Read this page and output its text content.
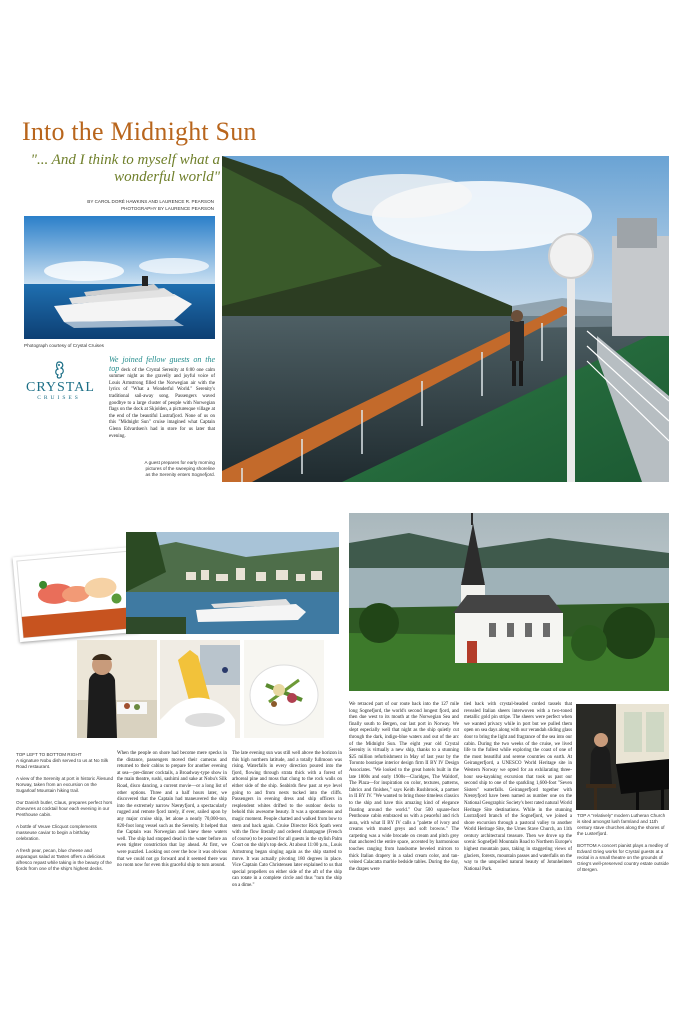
Into the Midnight Sun
"... And I think to myself what a wonderful world"
BY CAROL DORÉ HAWKINS AND LAURENCE R. PEARSON
PHOTOGRAPHY BY LAURENCE PEARSON
Photograph courtesy of Crystal Cruises
CRYSTAL
CRUISES

We joined fellow guests on the top deck of the Crystal Serenity at 6:00 one calm summer night as the gravelly and joyful voice of Louis Armstrong filled the Norwegian air with the lyrics of "What a Wonderful World." Serenity's traditional sail-away song. Passengers waved goodbye to a large cluster of people with Norwegian flags on the dock at Skjolden, a picturesque village at the end of the beautiful Lustrafjord. None of us on this "Midnight Sun" cruise imagined what Captain Glenn Edvardsen's had in store for us later that evening.

A guest prepares for early morning pictures of the sweeping shoreline as the Serenity enters Sognefjord.
TOP LEFT TO BOTTOM RIGHT
A signature Nobu dish served to us at No Silk Road restaurant.
A view of the Serenity at port in historic Ålesund Norway, taken from an excursion on the Sugarloaf Mountain hiking trail.
Our Danish butler, Claus, prepares perfect hors d'oeuvres at cocktail hour each evening in our Penthouse cabin.
A bottle of Veuve Clicquot complements masseuse caviar to begin a birthday celebration.
A fresh pear, pecan, blue cheese and asparagus salad at Tastes offers a delicious alfresco repast while taking in the beauty of the fjords from one of the ship's highest decks.
When the people on shore had become mere specks in the distance, passengers moved their cameras and returned to their cabins to prepare for another evening at sea—pre-dinner cocktails, a Broadway-type show in the main theatre, sushi, sashimi and sake at Nobu's Silk Road, disco dancing, a current movie—or a long list of other options. Three and a half hours later, we discovered that the Captain had maneuvered the ship into the extremely narrow Nærøyfjord, a spectacularly rugged and remote fjord rarely, if ever, sailed upon by any major cruise ship, let alone a nearly 70,000-ton, 820-foot long vessel such as the Serenity. It helped that the Captain was Norwegian and knew these waters well. The ship had stopped dead in the water before an even tighter constriction that lay ahead. At first, we were puzzled. Looking out over the bow it was obvious that we could not go forward and it seemed there was no room now for even this graceful ship to turn around.
The late evening sun was still well above the horizon in this high northern latitude, and a totally fullmoon was rising. Waterfalls in every direction poured into the fjord, flowing through strata thick with a forest of arboreal pine and moss that clung to the rock walls on either side of the ship. Seabirds flew past at eye level going to and from nests tucked into the cliffs. Passengers in evening dress and ship officers in resplendent whites drifted to the outdoor decks to behold this awesome beauty. It was a spontaneous and magic moment. People chatted and walked from bow to stern and back again. Cruise Director Rick Spath went with the flow literally and ordered champagne (French of course) to be poured for all guests in the stylish Palm Court on the ship's top deck. At about 11:00 p.m., Louis Armstrong began singing again as the ship started to move. It was actually pivoting 180 degrees in place. Vice Captain Cato Christensen later explained to us that special propellers on either side of the aft of the ship can rotate in a complete circle and thus "turn the ship on a dime."
We retraced part of our route back into the 127 mile long Sognefjord, the world's second longest fjord, and then due west to its mouth at the Norwegian Sea and finally south to Bergen, our last port in Norway. We slept especially well that night as the ship quietly cut through the dark, indigo-blue waters and out of the arc of the Midnight Sun. The eight year old Crystal Serenity is virtually a new ship, thanks to a stunning $25 million refurbishment in May of last year by the Toronto boutique interior design firm II BY IV Design Associates. "We looked to the great hotels built in the late 1800s and early 1900s—Claridges, The Waldorf, The Plaza—for inspiration on color, textures, patterns, fabrics and finishes," says Keith Rushbrook, a partner in II BY IV. "We wanted to bring those timeless classics to the ship and have this amazing kind of elegance floating around the world." Our 500 square-foot Penthouse cabin embraced us with a peaceful and rich aura, with what II BY IV calls a "palette of ivory and creams with muted greys and soft browns." The carpeting was a wide brocade on cream and pitch grey that anchored the entire space, accented by harmonious touches ranging from handsome beveled mirrors to thick Italian drapery in a salad cream color, and tan-veined Calacatta marble bedside tables. During the day, the drapes were
tied back with crystal-beaded corded tassels that revealed Italian sheers interwoven with a two-toned metallic gold pin stripe. The sheers were perfect when we wanted privacy while in port but we pulled them open on sea days along with our verandah sliding glass door to bring the light and fragrance of the sea into our cabin. During the two weeks of the cruise, we lived life to the fullest while exploring the coast of one of the most beautiful and serene countries on earth. At Geirangerfjord, a UNESCO World Heritage site in Western Norway we opted for an exhilarating three-hour sea-kayaking excursion that took us past our second ship to one of the sparkling 1,600-foot "Seven Sisters" waterfalls. Geirangerfjord together with Nærøyfjord have been named as number one on the National Geographic Society's best rated natural World Heritage Site destinations. While in the stunning Lustrafjord branch of the Sognefjord, we joined a shore excursion through a pastoral valley to another World Heritage Site, the Urnes Stave Church, an 11th century architectural treasure. Then we drove up the scenic Sognefjell Mountain Road to Northern Europe's highest mountain pass, taking in staggering views of glaciers, forests, mountain passes and waterfalls on the way to the unspoiled natural beauty of Jotunheimen National Park.
TOP A "relatively" modern Lutheran Church is sited amongst lush farmland and 11th century stave churches along the shores of the Lusterfjord.
BOTTOM A concert pianist plays a medley of Edvard Grieg works for Crystal guests at a recital in a small theatre on the grounds of Grieg's well-preserved country estate outside of Bergen.
